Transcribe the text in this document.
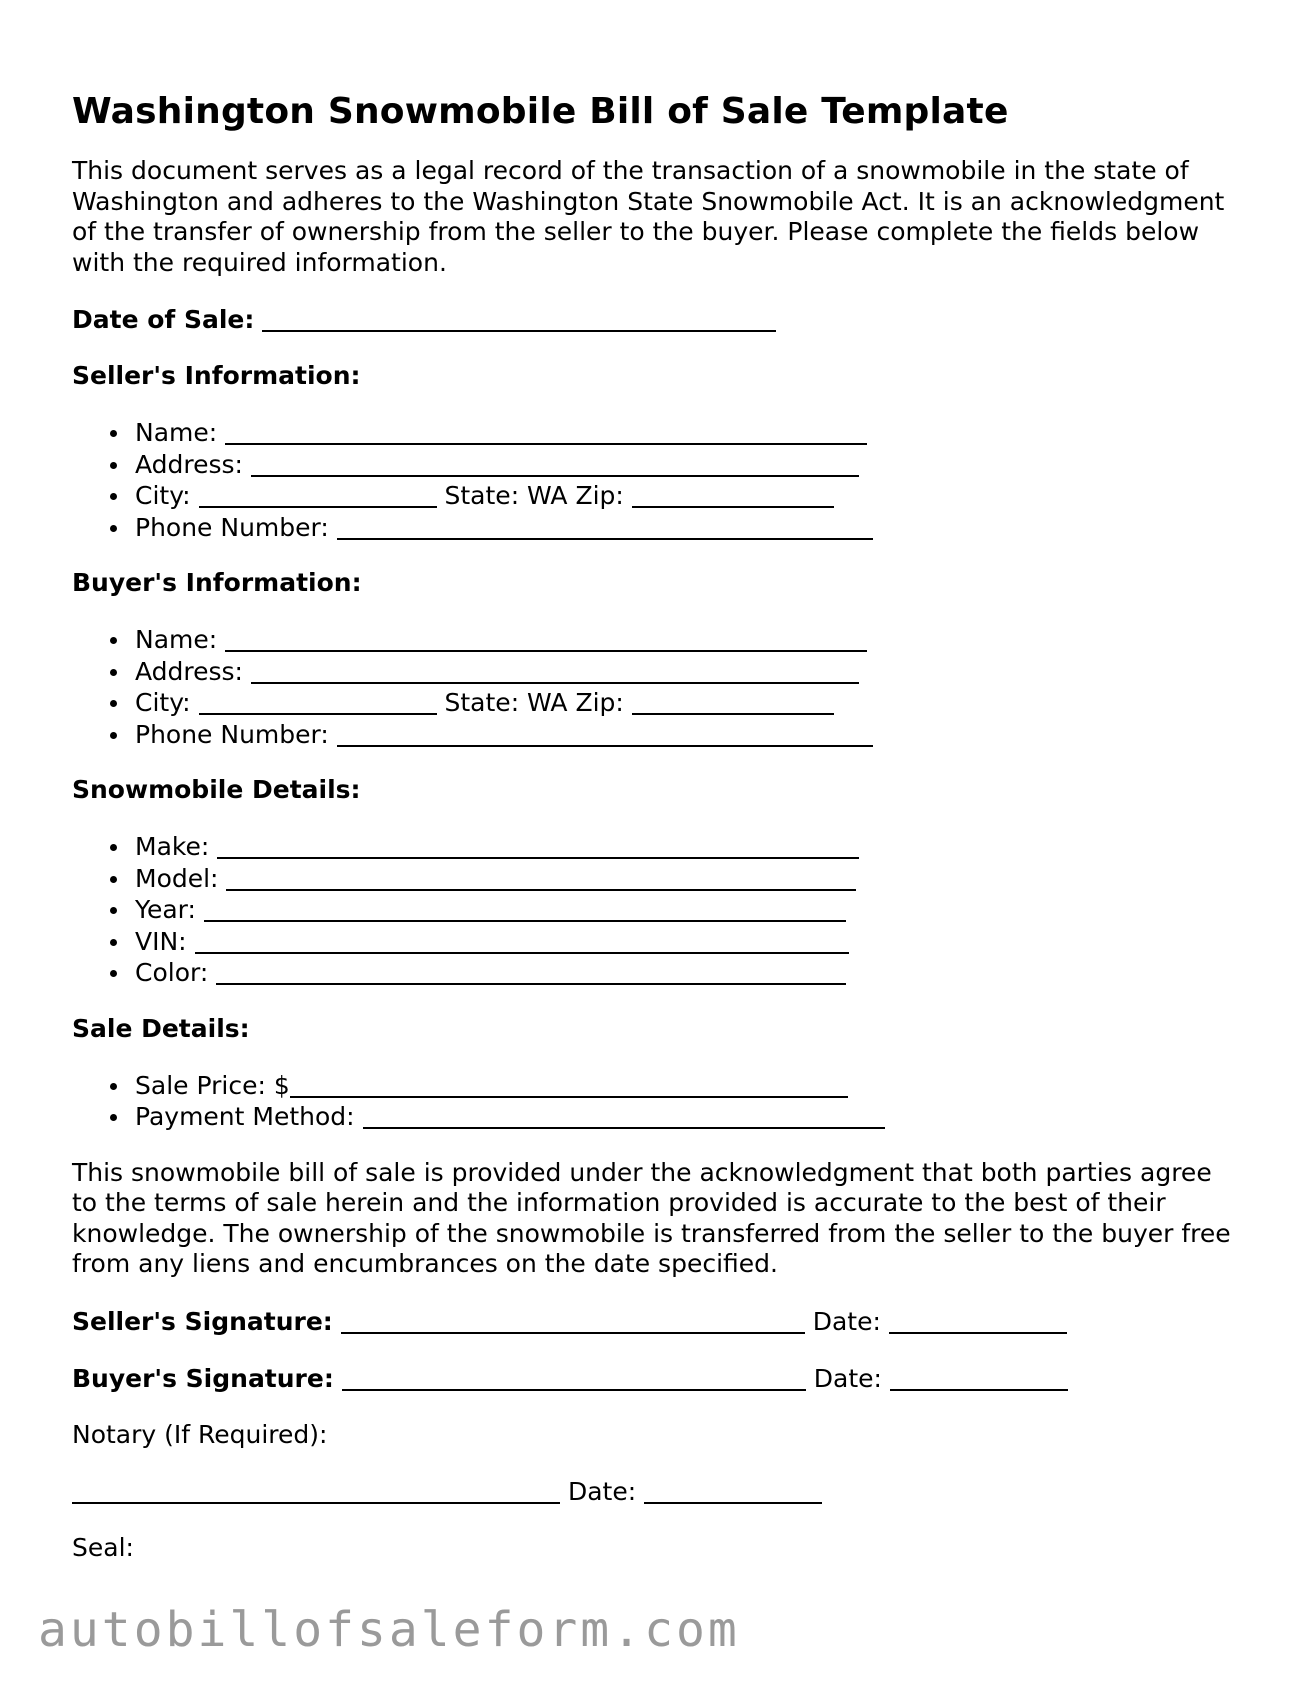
Washington Snowmobile Bill of Sale Template

This document serves as a legal record of the transaction of a snowmobile in the state of Washington and adheres to the Washington State Snowmobile Act. It is an acknowledgment of the transfer of ownership from the seller to the buyer. Please complete the fields below with the required information.

Date of Sale:
Seller's Information:
Name:
Address:
City:	State: WA Zip:
Phone Number:
Buyer's Information:
Name:
Address:
City:	State: WA Zip:
Phone Number:
Snowmobile Details:
Make:
Model:
Year:
VIN:
Color:
Sale Details:
Sale Price: $
Payment Method:

This snowmobile bill of sale is provided under the acknowledgment that both parties agree to the terms of sale herein and the information provided is accurate to the best of their knowledge. The ownership of the snowmobile is transferred from the seller to the buyer free from any liens and encumbrances on the date specified.

Seller's Signature:	Date:
Buyer's Signature:	Date:
Notary (If Required):
Date:
Seal:
autobillofsaleform.com
